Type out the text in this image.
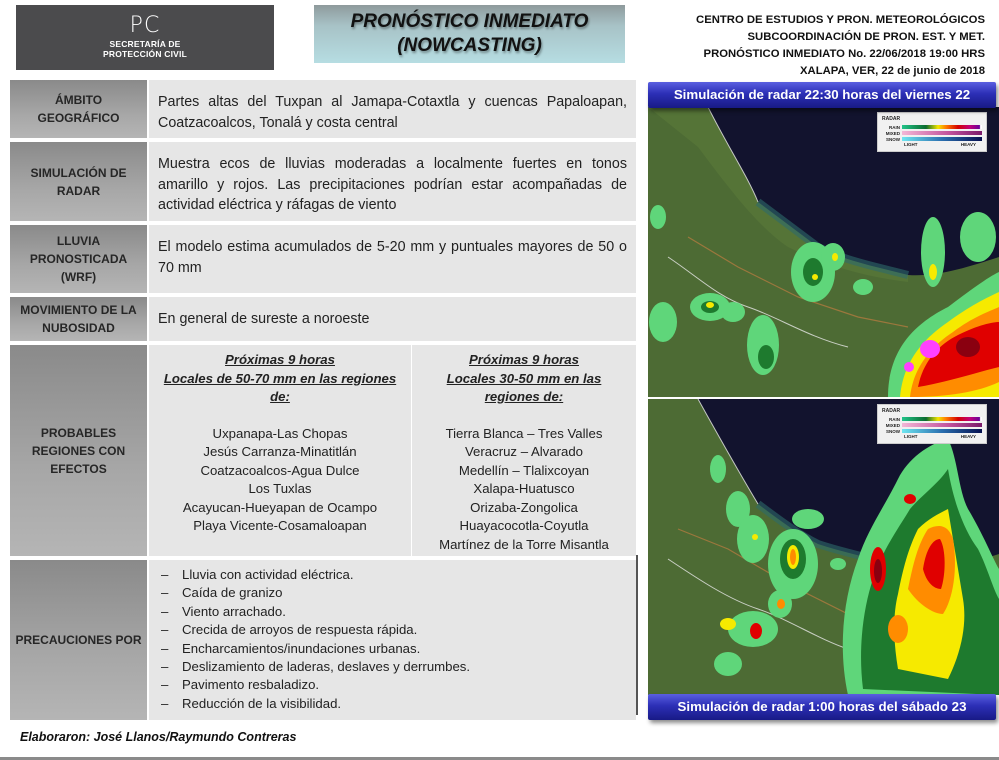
PC
SECRETARÍA DE
PROTECCIÓN CIVIL
PRONÓSTICO INMEDIATO
(NOWCASTING)
CENTRO DE ESTUDIOS Y PRON. METEOROLÓGICOS
SUBCOORDINACIÓN DE PRON. EST. Y MET.
PRONÓSTICO INMEDIATO No. 22/06/2018 19:00 HRS
XALAPA, VER, 22 de junio de 2018
ÁMBITO GEOGRÁFICO
Partes altas del Tuxpan al Jamapa-Cotaxtla y cuencas Papaloapan, Coatzacoalcos, Tonalá y costa central
SIMULACIÓN DE RADAR
Muestra ecos de lluvias moderadas a localmente fuertes en tonos amarillo y rojos. Las precipitaciones podrían estar acompañadas de actividad eléctrica y ráfagas de viento
LLUVIA PRONOSTICADA (WRF)
El modelo estima acumulados de 5-20 mm y puntuales mayores de 50 o 70 mm
MOVIMIENTO DE LA NUBOSIDAD
En general de sureste a noroeste
PROBABLES REGIONES CON EFECTOS
Próximas 9 horas
Locales de 50-70 mm en las regiones
de:
Uxpanapa-Las Chopas
Jesús Carranza-Minatitlán
Coatzacoalcos-Agua Dulce
Los Tuxlas
Acayucan-Hueyapan de Ocampo
Playa Vicente-Cosamaloapan
Próximas 9 horas
Locales 30-50 mm en las
regiones de:
Tierra Blanca – Tres Valles
Veracruz – Alvarado
Medellín – Tlalixcoyan
Xalapa-Huatusco
Orizaba-Zongolica
Huayacocotla-Coyutla
Martínez de la Torre Misantla
PRECAUCIONES POR
–	Lluvia con actividad eléctrica.
–	Caída de granizo
–	Viento arrachado.
–	Crecida de arroyos de respuesta rápida.
–	Encharcamientos/inundaciones urbanas.
–	Deslizamiento de laderas, deslaves y derrumbes.
–	Pavimento resbaladizo.
–	Reducción de la visibilidad.
Elaboraron: José Llanos/Raymundo Contreras
Simulación de radar 22:30 horas del viernes 22
RADAR
RAIN
MIXED
SNOW
LIGHT	HEAVY
RADAR
RAIN
MIXED
SNOW
LIGHT	HEAVY
Simulación de radar 1:00 horas del sábado 23
